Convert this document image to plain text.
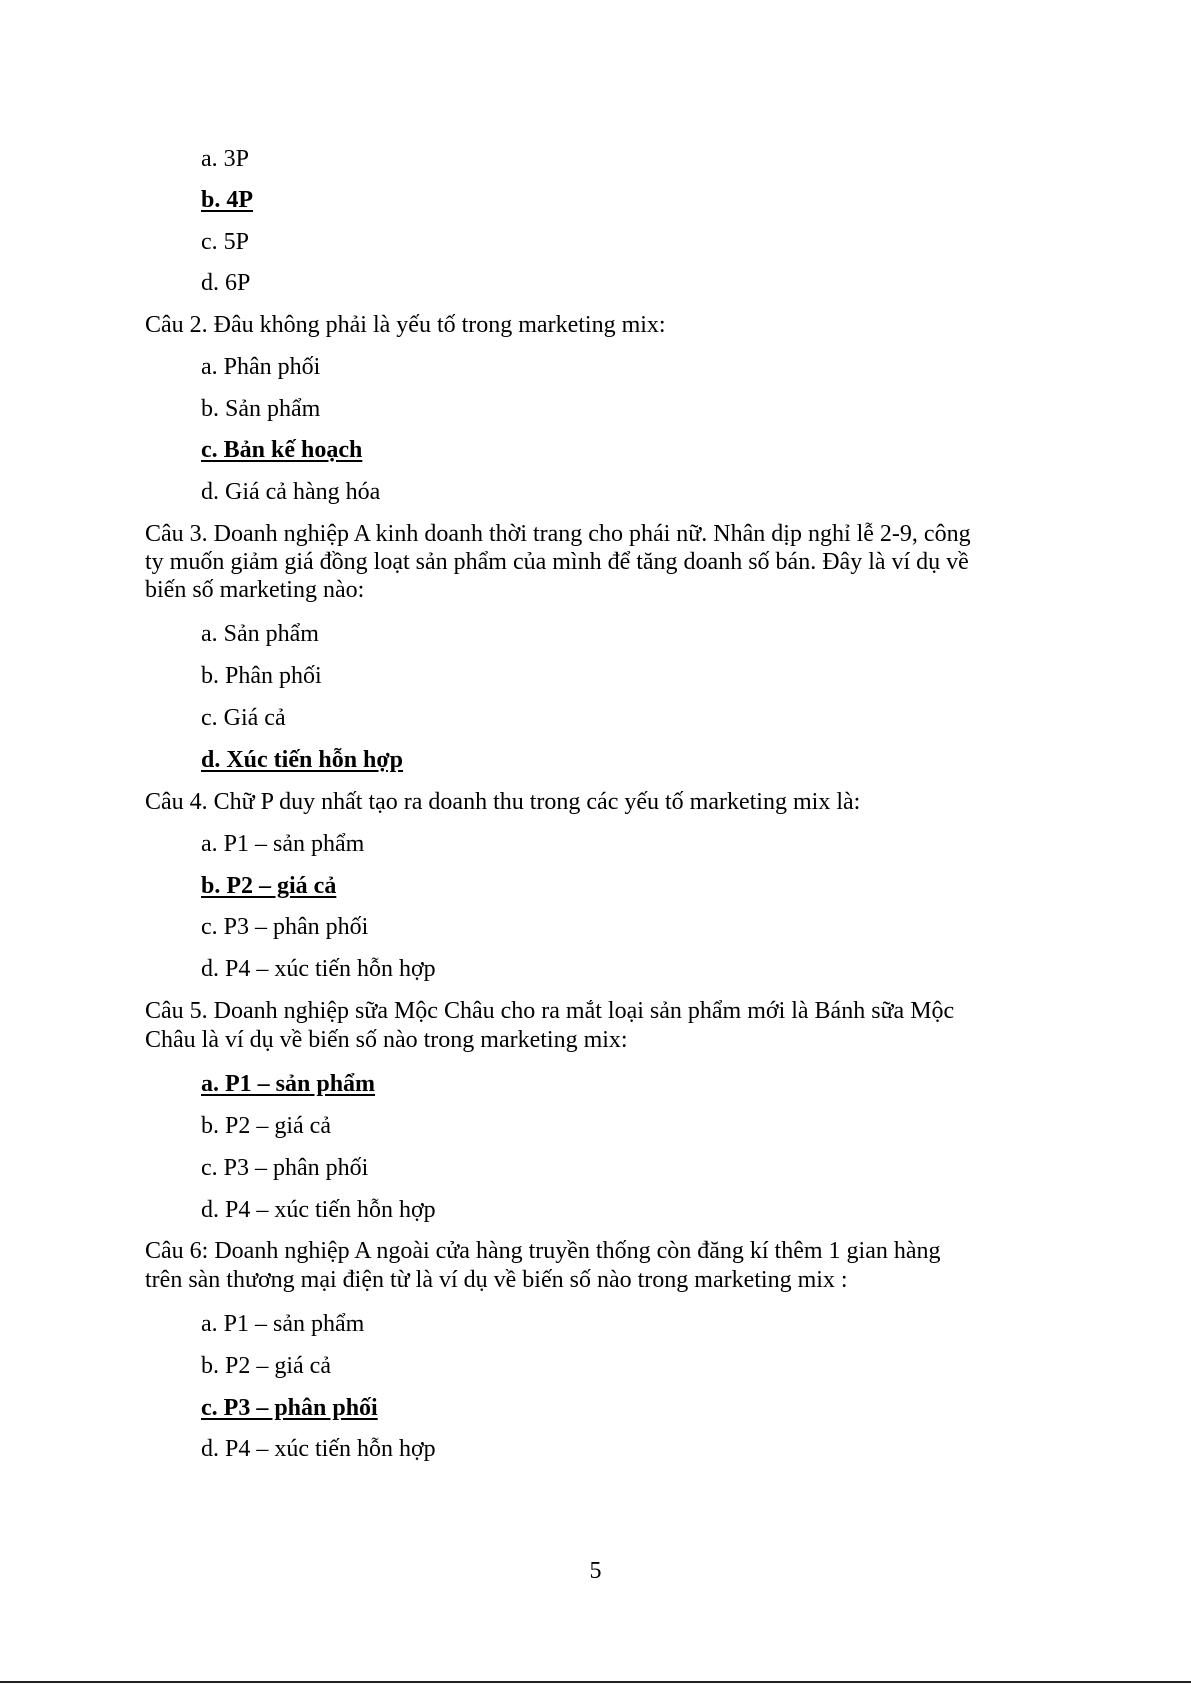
a. 3P
b. 4P
c. 5P
d. 6P
Câu 2. Đâu không phải là yếu tố trong marketing mix:
a. Phân phối
b. Sản phẩm
c. Bản kế hoạch
d. Giá cả hàng hóa
Câu 3. Doanh nghiệp A kinh doanh thời trang cho phái nữ. Nhân dịp nghỉ lễ 2-9, công
ty muốn giảm giá đồng loạt sản phẩm của mình để tăng doanh số bán. Đây là ví dụ về
biến số marketing nào:
a. Sản phẩm
b. Phân phối
c. Giá cả
d. Xúc tiến hỗn hợp
Câu 4. Chữ P duy nhất tạo ra doanh thu trong các yếu tố marketing mix là:
a. P1 – sản phẩm
b. P2 – giá cả
c. P3 – phân phối
d. P4 – xúc tiến hỗn hợp
Câu 5. Doanh nghiệp sữa Mộc Châu cho ra mắt loại sản phẩm mới là Bánh sữa Mộc
Châu là ví dụ về biến số nào trong marketing mix:
a. P1 – sản phẩm
b. P2 – giá cả
c. P3 – phân phối
d. P4 – xúc tiến hỗn hợp
Câu 6: Doanh nghiệp A ngoài cửa hàng truyền thống còn đăng kí thêm 1 gian hàng
trên sàn thương mại điện từ là ví dụ về biến số nào trong marketing mix :
a. P1 – sản phẩm
b. P2 – giá cả
c. P3 – phân phối
d. P4 – xúc tiến hỗn hợp
5
